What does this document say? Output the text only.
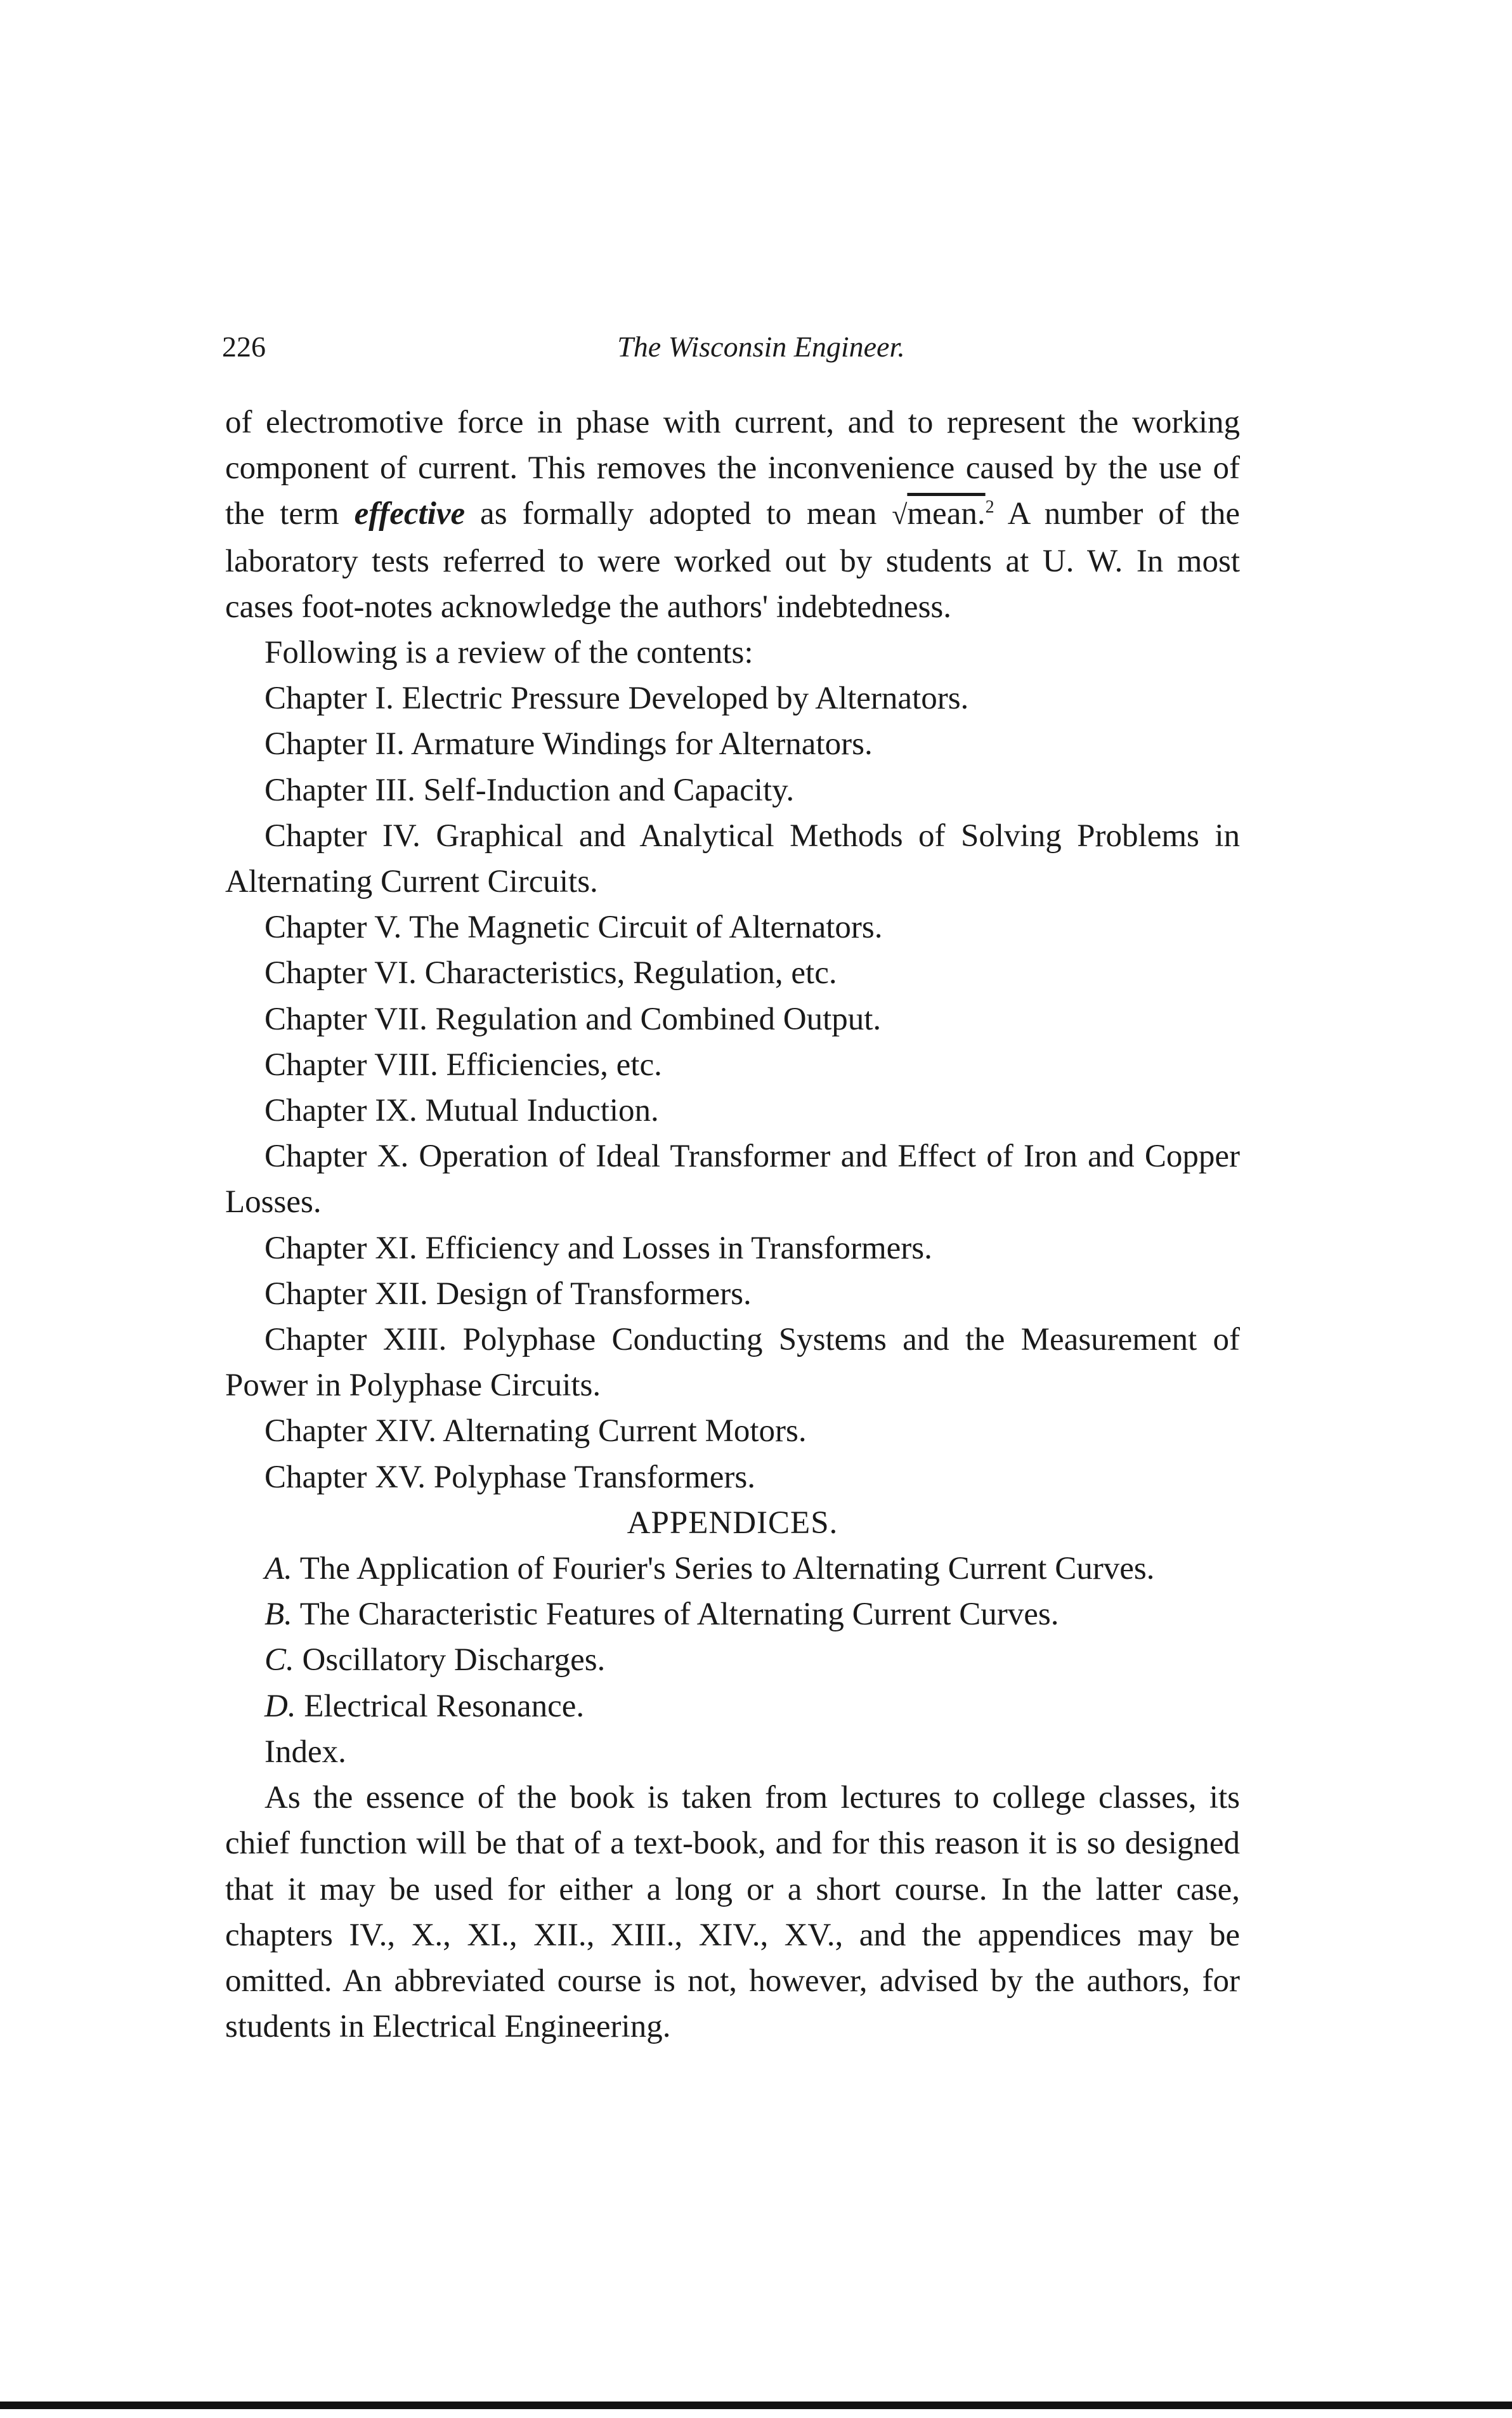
226	The Wisconsin Engineer.

of electromotive force in phase with current, and to represent the working component of current. This removes the inconvenience caused by the use of the term effective as formally adopted to mean √mean.$^2$ A number of the laboratory tests referred to were worked out by students at U. W. In most cases foot-notes acknowledge the authors' indebtedness.

Following is a review of the contents:

Chapter I. Electric Pressure Developed by Alternators.

Chapter II. Armature Windings for Alternators.

Chapter III. Self-Induction and Capacity.

Chapter IV. Graphical and Analytical Methods of Solving Problems in Alternating Current Circuits.

Chapter V. The Magnetic Circuit of Alternators.

Chapter VI. Characteristics, Regulation, etc.

Chapter VII. Regulation and Combined Output.

Chapter VIII. Efficiencies, etc.

Chapter IX. Mutual Induction.

Chapter X. Operation of Ideal Transformer and Effect of Iron and Copper Losses.

Chapter XI. Efficiency and Losses in Transformers.

Chapter XII. Design of Transformers.

Chapter XIII. Polyphase Conducting Systems and the Measurement of Power in Polyphase Circuits.

Chapter XIV. Alternating Current Motors.

Chapter XV. Polyphase Transformers.

APPENDICES.

A. The Application of Fourier's Series to Alternating Current Curves.

B. The Characteristic Features of Alternating Current Curves.

C. Oscillatory Discharges.

D. Electrical Resonance.

Index.

As the essence of the book is taken from lectures to college classes, its chief function will be that of a text-book, and for this reason it is so designed that it may be used for either a long or a short course. In the latter case, chapters IV., X., XI., XII., XIII., XIV., XV., and the appendices may be omitted. An abbreviated course is not, however, advised by the authors, for students in Electrical Engineering.
